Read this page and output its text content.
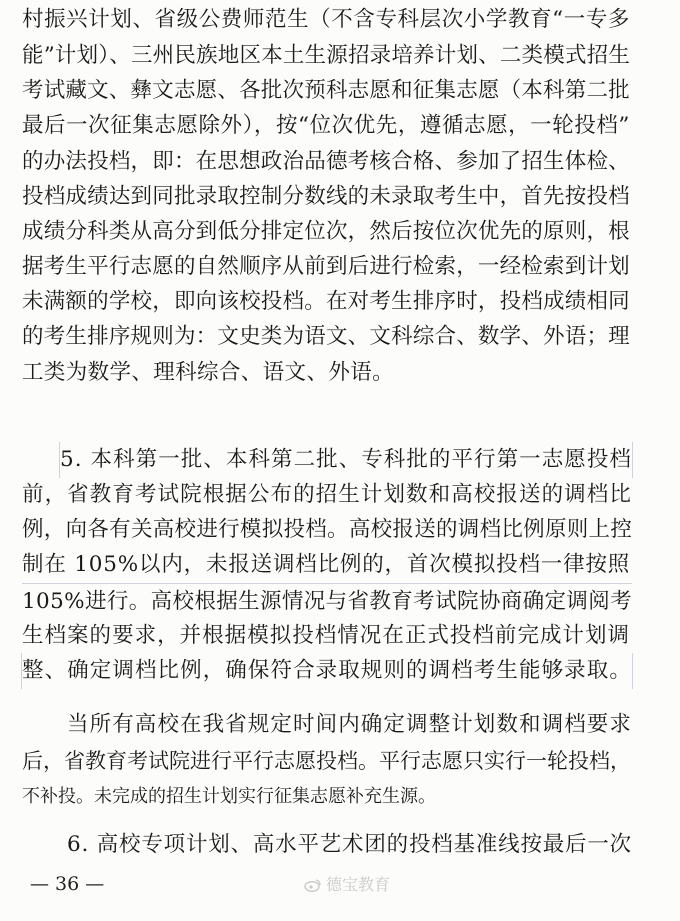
村振兴计划、省级公费师范生（不含专科层次小学教育“一专多
能”计划）、三州民族地区本土生源招录培养计划、二类模式招生
考试藏文、彝文志愿、各批次预科志愿和征集志愿（本科第二批
最后一次征集志愿除外），按“位次优先，遵循志愿，一轮投档”
的办法投档，即：在思想政治品德考核合格、参加了招生体检、
投档成绩达到同批录取控制分数线的未录取考生中，首先按投档
成绩分科类从高分到低分排定位次，然后按位次优先的原则，根
据考生平行志愿的自然顺序从前到后进行检索，一经检索到计划
未满额的学校，即向该校投档。在对考生排序时，投档成绩相同
的考生排序规则为：文史类为语文、文科综合、数学、外语；理
工类为数学、理科综合、语文、外语。
5. 本科第一批、本科第二批、专科批的平行第一志愿投档
前，省教育考试院根据公布的招生计划数和高校报送的调档比
例，向各有关高校进行模拟投档。高校报送的调档比例原则上控
制在 105%以内，未报送调档比例的，首次模拟投档一律按照
105%进行。高校根据生源情况与省教育考试院协商确定调阅考
生档案的要求，并根据模拟投档情况在正式投档前完成计划调
整、确定调档比例，确保符合录取规则的调档考生能够录取。
当所有高校在我省规定时间内确定调整计划数和调档要求
后，省教育考试院进行平行志愿投档。平行志愿只实行一轮投档，
不补投。未完成的招生计划实行征集志愿补充生源。
6. 高校专项计划、高水平艺术团的投档基准线按最后一次
— 36 —	德宝教育
